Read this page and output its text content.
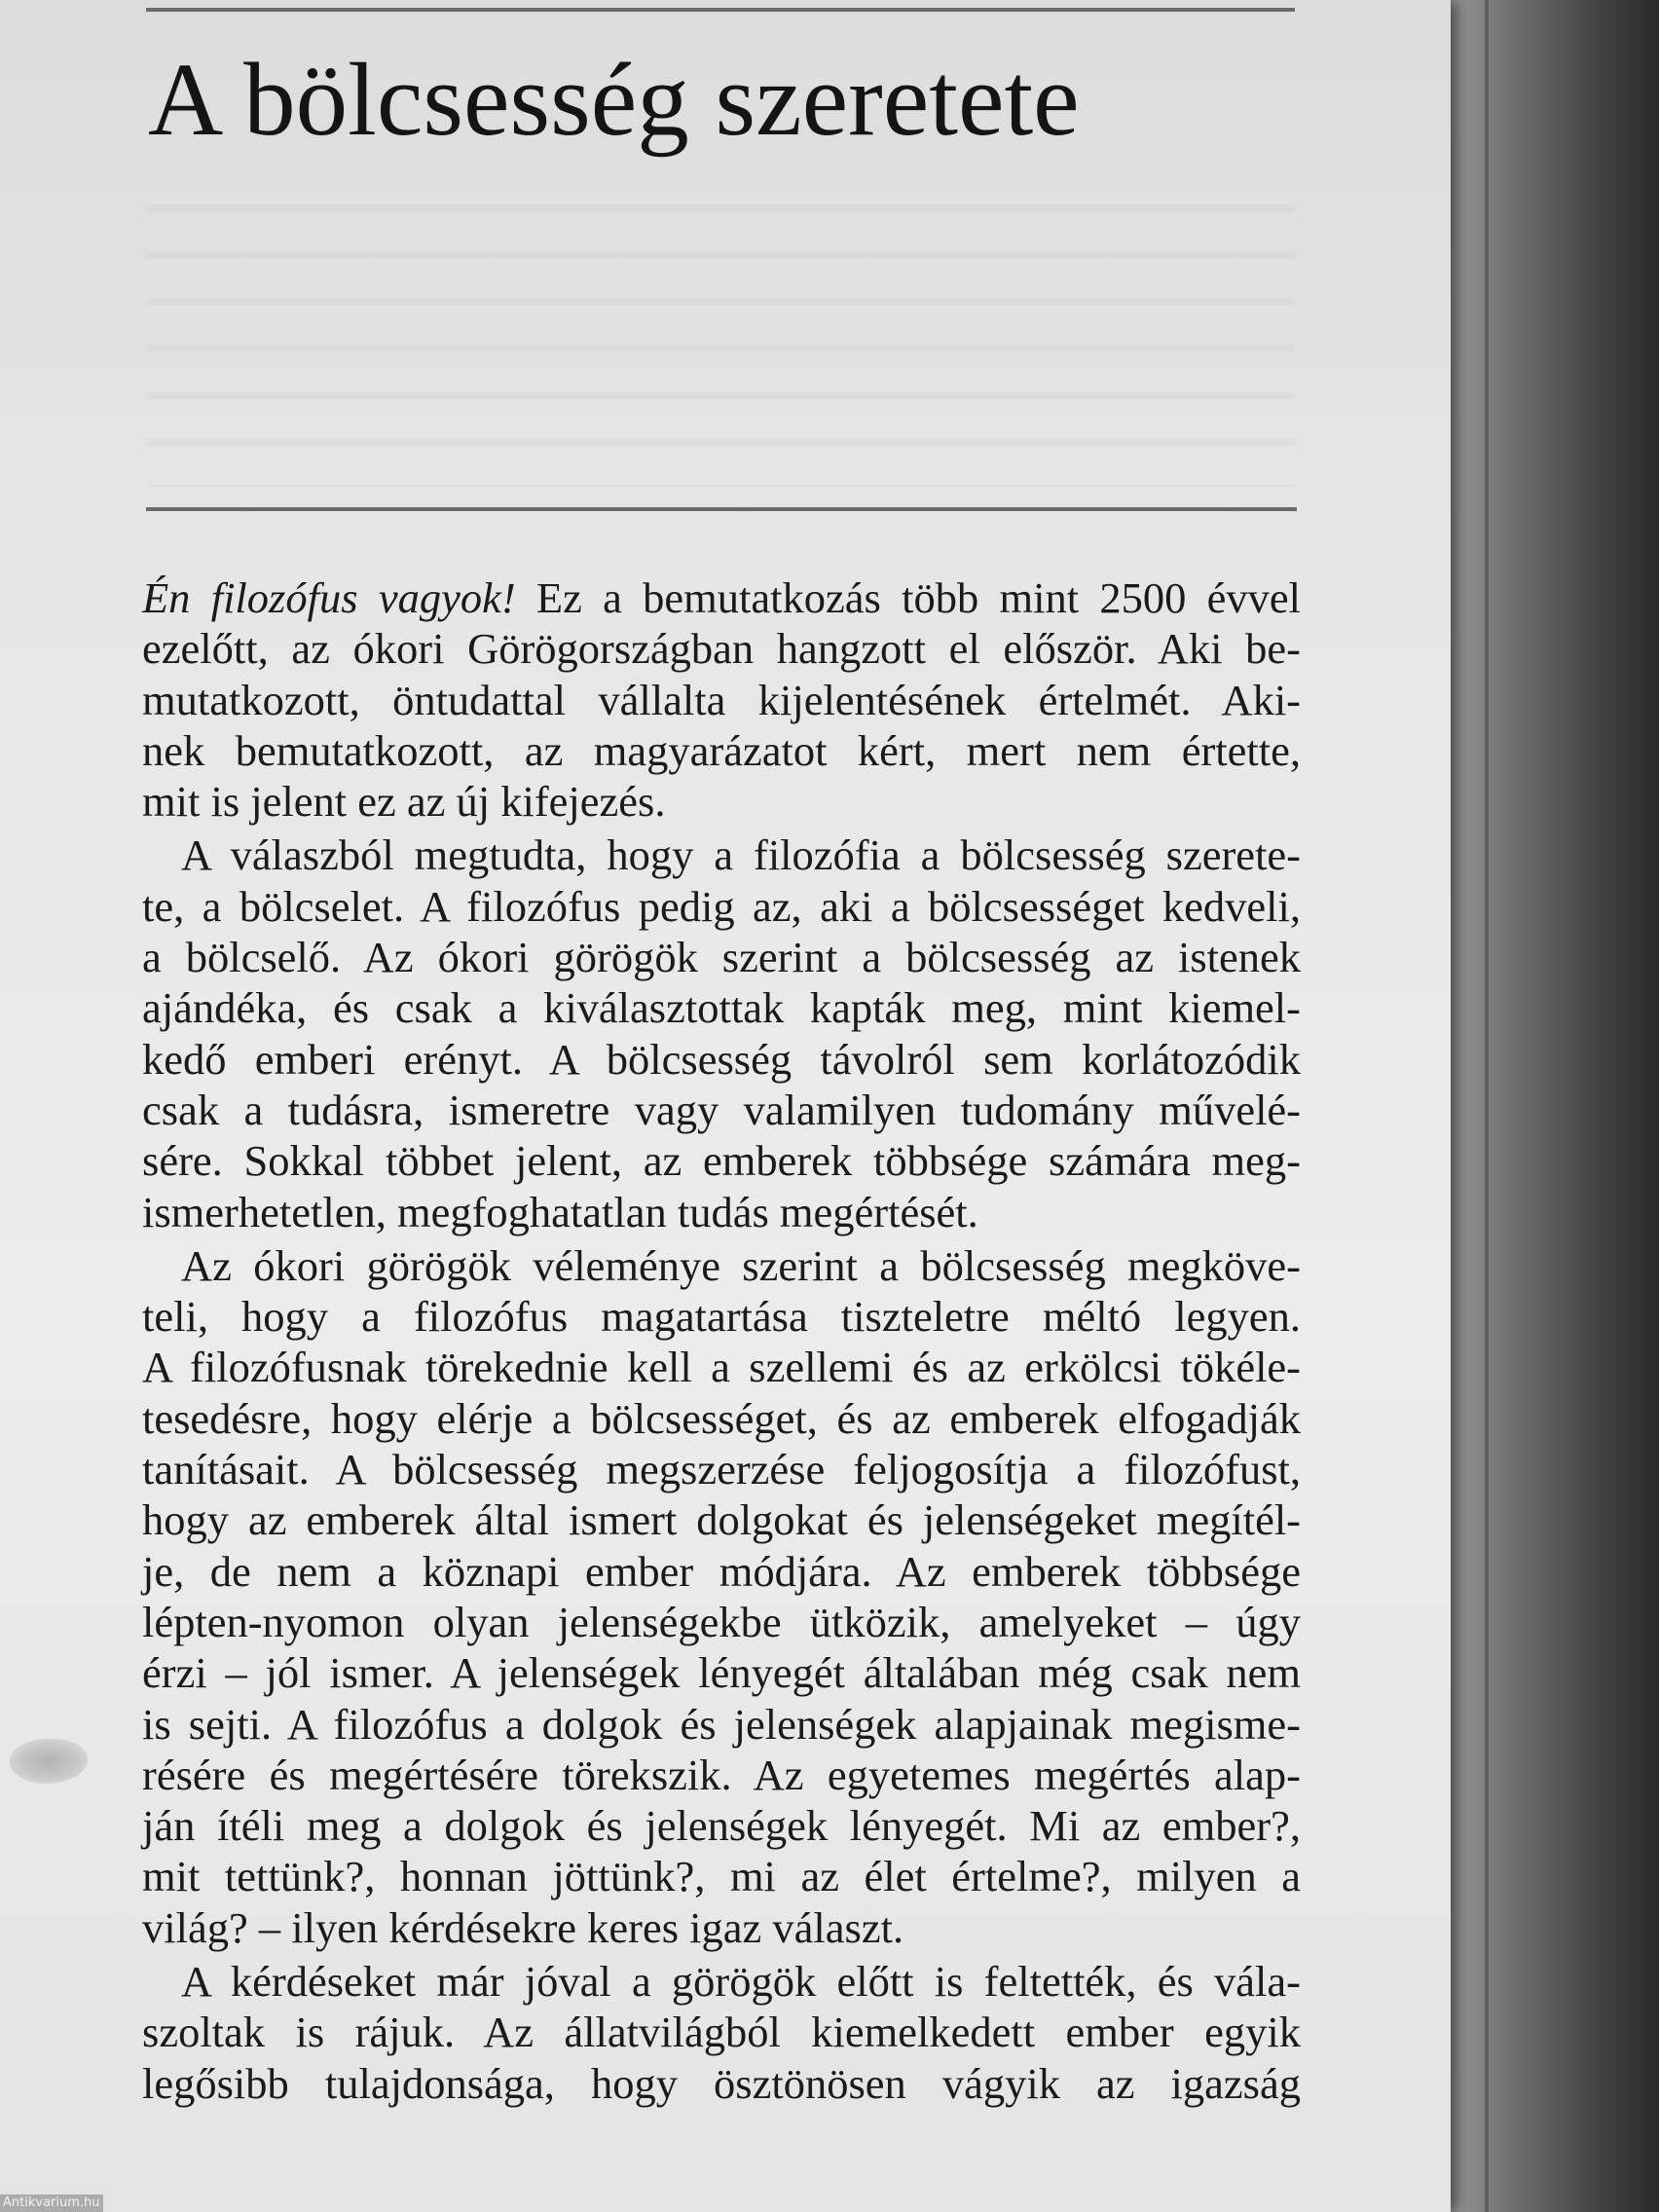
A bölcsesség szeretete

Én filozófus vagyok! Ez a bemutatkozás több mint 2500 évvel
ezelőtt, az ókori Görögországban hangzott el először. Aki be-
mutatkozott, öntudattal vállalta kijelentésének értelmét. Aki-
nek bemutatkozott, az magyarázatot kért, mert nem értette,
mit is jelent ez az új kifejezés.

A válaszból megtudta, hogy a filozófia a bölcsesség szerete-
te, a bölcselet. A filozófus pedig az, aki a bölcsességet kedveli,
a bölcselő. Az ókori görögök szerint a bölcsesség az istenek
ajándéka, és csak a kiválasztottak kapták meg, mint kiemel-
kedő emberi erényt. A bölcsesség távolról sem korlátozódik
csak a tudásra, ismeretre vagy valamilyen tudomány művelé-
sére. Sokkal többet jelent, az emberek többsége számára meg-
ismerhetetlen, megfoghatatlan tudás megértését.

Az ókori görögök véleménye szerint a bölcsesség megköve-
teli, hogy a filozófus magatartása tiszteletre méltó legyen.
A filozófusnak törekednie kell a szellemi és az erkölcsi tökéle-
tesedésre, hogy elérje a bölcsességet, és az emberek elfogadják
tanításait. A bölcsesség megszerzése feljogosítja a filozófust,
hogy az emberek által ismert dolgokat és jelenségeket megítél-
je, de nem a köznapi ember módjára. Az emberek többsége
lépten-nyomon olyan jelenségekbe ütközik, amelyeket – úgy
érzi – jól ismer. A jelenségek lényegét általában még csak nem
is sejti. A filozófus a dolgok és jelenségek alapjainak megisme-
résére és megértésére törekszik. Az egyetemes megértés alap-
ján ítéli meg a dolgok és jelenségek lényegét. Mi az ember?,
mit tettünk?, honnan jöttünk?, mi az élet értelme?, milyen a
világ? – ilyen kérdésekre keres igaz választ.

A kérdéseket már jóval a görögök előtt is feltették, és vála-
szoltak is rájuk. Az állatvilágból kiemelkedett ember egyik
legősibb tulajdonsága, hogy ösztönösen vágyik az igazság

Antikvarium.hu
